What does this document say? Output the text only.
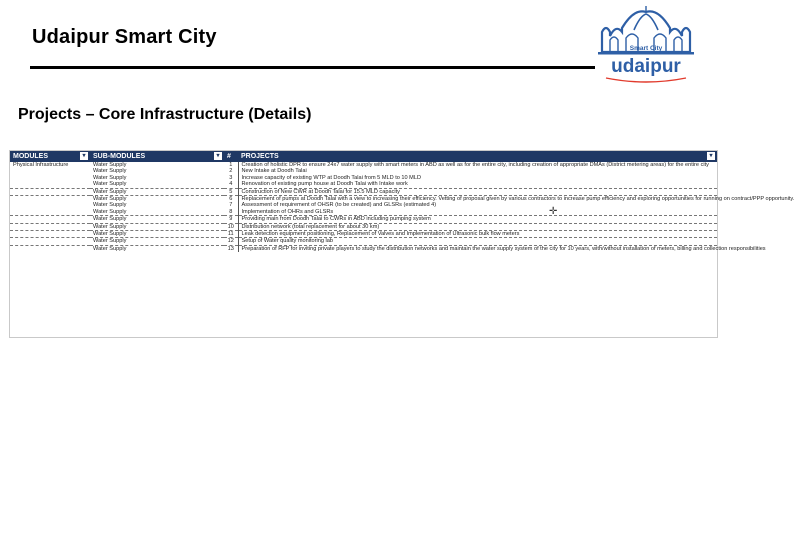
Udaipur Smart City
Smart City
udaipur
Projects – Core Infrastructure (Details)
MODULES ▾	SUB-MODULES ▾	#	PROJECTS ▾

Physical Infrastructure	Water Supply	1	Creation of holistic DPR to ensure 24x7 water supply with smart meters in ABD as well as for the entire city, including creation of appropriate DMAs (District metering areas) for the entire city
	Water Supply	2	New Intake at Doodh Talai
	Water Supply	3	Increase capacity of existing WTP at Doodh Talai from 5 MLD to 10 MLD
	Water Supply	4	Renovation of existing pump house at Doodh Talai with Intake work
	Water Supply	5	Construction of New CWR at Doodh Talai for 15.5 MLD capacity
	Water Supply	6	Replacement of pumps at Doodh Talai with a view to increasing their efficiency. Vetting of proposal given by various contractors to increase pump efficiency and exploring opportunities for running on contract/PPP opportunity.
	Water Supply	7	Assessment of requirement of OHSR (to be created) and GLSRs (estimated 4)
	Water Supply	8	Implementation of OHRs and GLSRs
	Water Supply	9	Providing main from Doodh Talai to CWRs in ABD including pumping system
	Water Supply	10	Distribution network (total replacement for about 30 km)
	Water Supply	11	Leak detection equipment positioning, Replacement of Valves and Implementation of Ultrasonic bulk flow meters
	Water Supply	12	Setup of Water quality monitoring lab
	Water Supply	13	Preparation of RFP for inviting private players to study the distribution networks and maintain the water supply system of the city for 10 years, with/without installation of meters, billing and collection responsibilities
✛
